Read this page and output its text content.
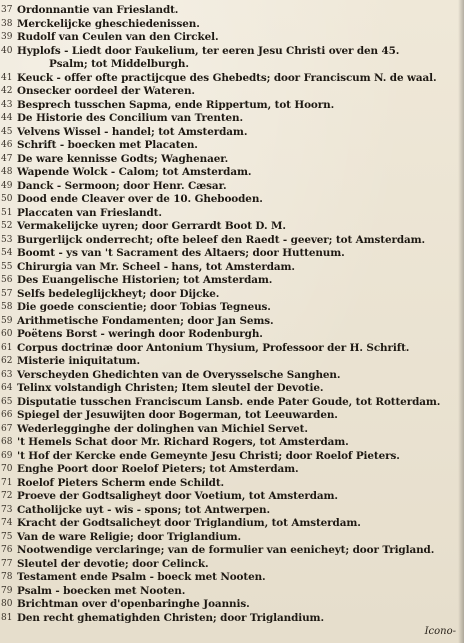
37 Ordonnantie van Frieslandt.
38 Merckelijcke gheschiedenissen.
39 Rudolf van Ceulen van den Circkel.
40 Hyplofs - Liedt door Faukelium, ter eeren Jesu Christi over den 45.
Psalm; tot Middelburgh.
41 Keuck - offer ofte practijcque des Ghebedts; door Franciscum N. de waal.
42 Onsecker oordeel der Wateren.
43 Besprech tusschen Sapma, ende Rippertum, tot Hoorn.
44 De Historie des Concilium van Trenten.
45 Velvens Wissel - handel; tot Amsterdam.
46 Schrift - boecken met Placaten.
47 De ware kennisse Godts; Waghenaer.
48 Wapende Wolck - Calom; tot Amsterdam.
49 Danck - Sermoon; door Henr. Cæsar.
50 Dood ende Cleaver over de 10. Ghebooden.
51 Placcaten van Frieslandt.
52 Vermakelijcke uyren; door Gerrardt Boot D. M.
53 Burgerlijck onderrecht; ofte beleef den Raedt - geever; tot Amsterdam.
54 Boomt - ys van 't Sacrament des Altaers; door Huttenum.
55 Chirurgia van Mr. Scheel - hans, tot Amsterdam.
56 Des Euangelische Historien; tot Amsterdam.
57 Selfs bedeleglijckheyt; door Dijcke.
58 Die goede conscientie; door Tobias Tegneus.
59 Arithmetische Fondamenten; door Jan Sems.
60 Poëtens Borst - weringh door Rodenburgh.
61 Corpus doctrinæ door Antonium Thysium, Professoor der H. Schrift.
62 Misterie iniquitatum.
63 Verscheyden Ghedichten van de Overysselsche Sanghen.
64 Telinx volstandigh Christen; Item sleutel der Devotie.
65 Disputatie tusschen Franciscum Lansb. ende Pater Goude, tot Rotterdam.
66 Spiegel der Jesuwijten door Bogerman, tot Leeuwarden.
67 Wederlegginghe der dolinghen van Michiel Servet.
68 't Hemels Schat door Mr. Richard Rogers, tot Amsterdam.
69 't Hof der Kercke ende Gemeynte Jesu Christi; door Roelof Pieters.
70 Enghe Poort door Roelof Pieters; tot Amsterdam.
71 Roelof Pieters Scherm ende Schildt.
72 Proeve der Godtsaligheyt door Voetium, tot Amsterdam.
73 Catholijcke uyt - wis - spons; tot Antwerpen.
74 Kracht der Godtsalicheyt door Triglandium, tot Amsterdam.
75 Van de ware Religie; door Triglandium.
76 Nootwendige verclaringe; van de formulier van eenicheyt; door Trigland.
77 Sleutel der devotie; door Celinck.
78 Testament ende Psalm - boeck met Nooten.
79 Psalm - boecken met Nooten.
80 Brichtman over d'openbaringhe Joannis.
81 Den recht ghematighden Christen; door Triglandium.
Icono-
